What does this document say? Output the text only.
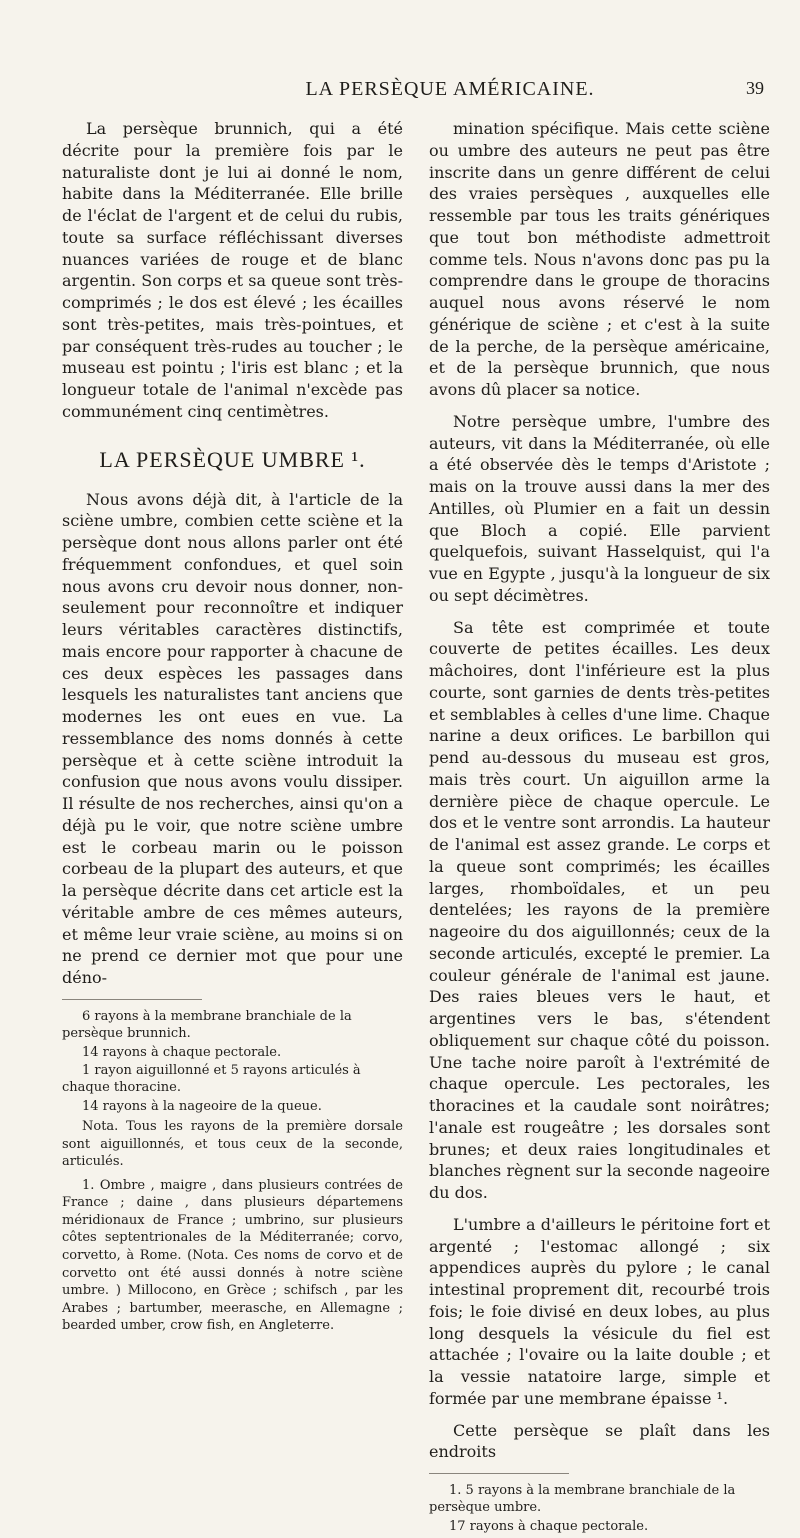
LA PERSÈQUE AMÉRICAINE.	39

La persèque brunnich, qui a été décrite pour la première fois par le naturaliste dont je lui ai donné le nom, habite dans la Méditerranée. Elle brille de l'éclat de l'argent et de celui du rubis, toute sa surface réfléchissant diverses nuances variées de rouge et de blanc argentin. Son corps et sa queue sont très-comprimés ; le dos est élevé ; les écailles sont très-petites, mais très-pointues, et par conséquent très-rudes au toucher ; le museau est pointu ; l'iris est blanc ; et la longueur totale de l'animal n'excède pas communément cinq centimètres.

LA PERSÈQUE UMBRE ¹.

Nous avons déjà dit, à l'article de la sciène umbre, combien cette sciène et la persèque dont nous allons parler ont été fréquemment confondues, et quel soin nous avons cru devoir nous donner, non-seulement pour reconnoître et indiquer leurs véritables caractères distinctifs, mais encore pour rapporter à chacune de ces deux espèces les passages dans lesquels les naturalistes tant anciens que modernes les ont eues en vue. La ressemblance des noms donnés à cette persèque et à cette sciène introduit la confusion que nous avons voulu dissiper. Il résulte de nos recherches, ainsi qu'on a déjà pu le voir, que notre sciène umbre est le corbeau marin ou le poisson corbeau de la plupart des auteurs, et que la persèque décrite dans cet article est la véritable ambre de ces mêmes auteurs, et même leur vraie sciène, au moins si on ne prend ce dernier mot que pour une déno-

6 rayons à la membrane branchiale de la persèque brunnich.
14 rayons à chaque pectorale.
1 rayon aiguillonné et 5 rayons articulés à chaque thoracine.
14 rayons à la nageoire de la queue.
Nota. Tous les rayons de la première dorsale sont aiguillonnés, et tous ceux de la seconde, articulés.
1. Ombre , maigre , dans plusieurs contrées de France ; daine , dans plusieurs départemens méridionaux de France ; umbrino, sur plusieurs côtes septentrionales de la Méditerranée; corvo, corvetto, à Rome. (Nota. Ces noms de corvo et de corvetto ont été aussi donnés à notre sciène umbre. ) Millocono, en Grèce ; schifsch , par les Arabes ; bartumber, meerasche, en Allemagne ; bearded umber, crow fish, en Angleterre.

mination spécifique. Mais cette sciène ou umbre des auteurs ne peut pas être inscrite dans un genre différent de celui des vraies persèques , auxquelles elle ressemble par tous les traits génériques que tout bon méthodiste admettroit comme tels. Nous n'avons donc pas pu la comprendre dans le groupe de thoracins auquel nous avons réservé le nom générique de sciène ; et c'est à la suite de la perche, de la persèque américaine, et de la persèque brunnich, que nous avons dû placer sa notice.

Notre persèque umbre, l'umbre des auteurs, vit dans la Méditerranée, où elle a été observée dès le temps d'Aristote ; mais on la trouve aussi dans la mer des Antilles, où Plumier en a fait un dessin que Bloch a copié. Elle parvient quelquefois, suivant Hasselquist, qui l'a vue en Egypte , jusqu'à la longueur de six ou sept décimètres.

Sa tête est comprimée et toute couverte de petites écailles. Les deux mâchoires, dont l'inférieure est la plus courte, sont garnies de dents très-petites et semblables à celles d'une lime. Chaque narine a deux orifices. Le barbillon qui pend au-dessous du museau est gros, mais très court. Un aiguillon arme la dernière pièce de chaque opercule. Le dos et le ventre sont arrondis. La hauteur de l'animal est assez grande. Le corps et la queue sont comprimés; les écailles larges, rhomboïdales, et un peu dentelées; les rayons de la première nageoire du dos aiguillonnés; ceux de la seconde articulés, excepté le premier. La couleur générale de l'animal est jaune. Des raies bleues vers le haut, et argentines vers le bas, s'étendent obliquement sur chaque côté du poisson. Une tache noire paroît à l'extrémité de chaque opercule. Les pectorales, les thoracines et la caudale sont noirâtres; l'anale est rougeâtre ; les dorsales sont brunes; et deux raies longitudinales et blanches règnent sur la seconde nageoire du dos.

L'umbre a d'ailleurs le péritoine fort et argenté ; l'estomac allongé ; six appendices auprès du pylore ; le canal intestinal proprement dit, recourbé trois fois; le foie divisé en deux lobes, au plus long desquels la vésicule du fiel est attachée ; l'ovaire ou la laite double ; et la vessie natatoire large, simple et formée par une membrane épaisse ¹.

Cette persèque se plaît dans les endroits

1. 5 rayons à la membrane branchiale de la persèque umbre.
17 rayons à chaque pectorale.
